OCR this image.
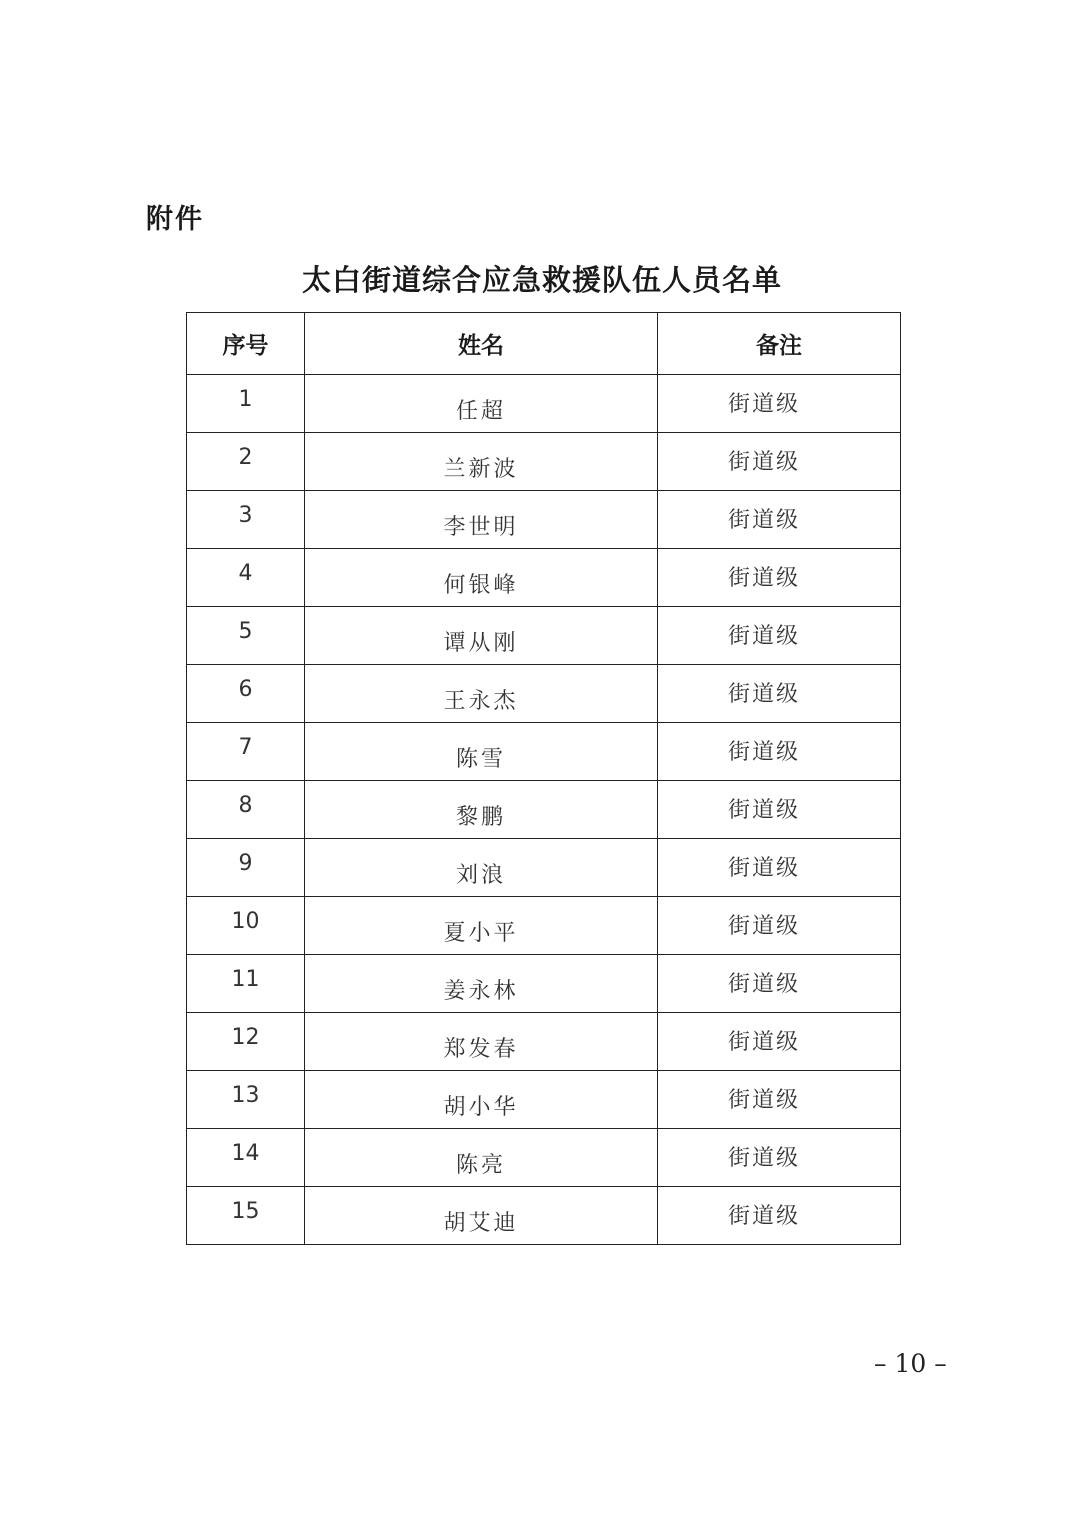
附件
太白街道综合应急救援队伍人员名单
序号	姓名	备注
1	任超	街道级
2	兰新波	街道级
3	李世明	街道级
4	何银峰	街道级
5	谭从刚	街道级
6	王永杰	街道级
7	陈雪	街道级
8	黎鹏	街道级
9	刘浪	街道级
10	夏小平	街道级
11	姜永林	街道级
12	郑发春	街道级
13	胡小华	街道级
14	陈亮	街道级
15	胡艾迪	街道级
– 10 –
